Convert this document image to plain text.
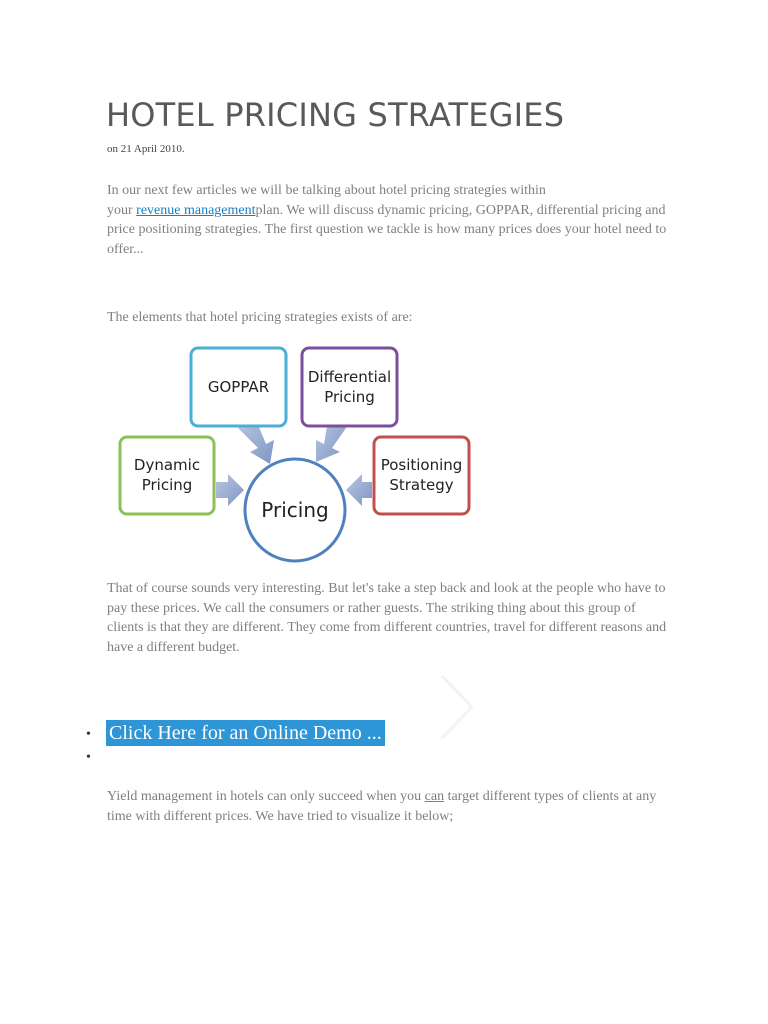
HOTEL PRICING STRATEGIES
on 21 April 2010.

In our next few articles we will be talking about hotel pricing strategies within
your revenue managementplan. We will discuss dynamic pricing, GOPPAR, differential pricing and price positioning strategies. The first question we tackle is how many prices does your hotel need to offer...

The elements that hotel pricing strategies exists of are:

GOPPAR
Differential
Pricing
Dynamic
Pricing
Positioning
Strategy
Pricing

That of course sounds very interesting. But let's take a step back and look at the people who have to pay these prices. We call the consumers or rather guests. The striking thing about this group of clients is that they are different. They come from different countries, travel for different reasons and have a different budget.

• Click Here for an Online Demo ...
•

Yield management in hotels can only succeed when you can target different types of clients at any time with different prices. We have tried to visualize it below;
